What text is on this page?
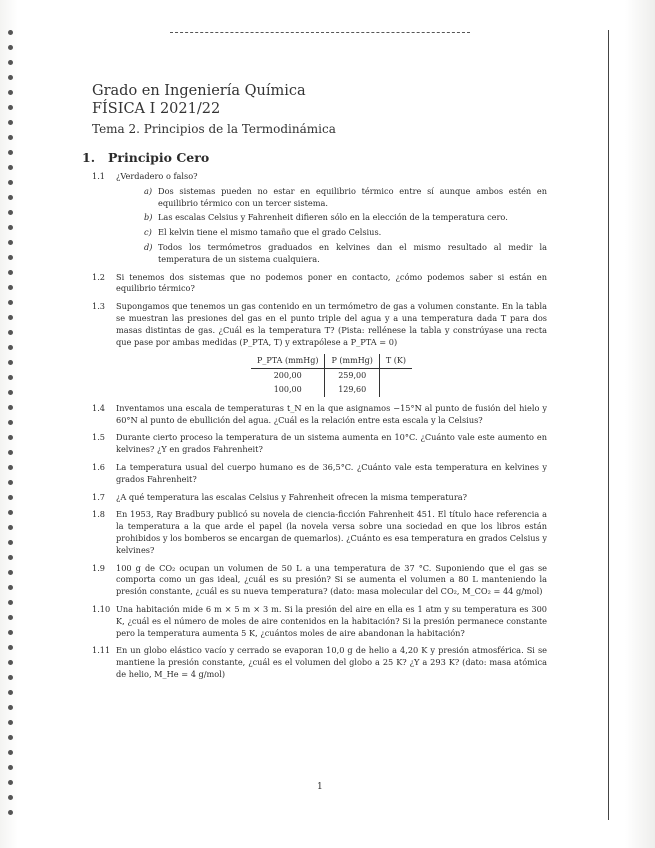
Grado en Ingeniería Química
FÍSICA I 2021/22
Tema 2. Principios de la Termodinámica
1. Principio Cero
1.1	¿Verdadero o falso?
a) Dos sistemas pueden no estar en equilibrio térmico entre sí aunque ambos estén en equilibrio térmico con un tercer sistema.
b) Las escalas Celsius y Fahrenheit difieren sólo en la elección de la temperatura cero.
c) El kelvin tiene el mismo tamaño que el grado Celsius.
d) Todos los termómetros graduados en kelvines dan el mismo resultado al medir la temperatura de un sistema cualquiera.
1.2	Si tenemos dos sistemas que no podemos poner en contacto, ¿cómo podemos saber si están en equilibrio térmico?
1.3	Supongamos que tenemos un gas contenido en un termómetro de gas a volumen constante. En la tabla se muestran las presiones del gas en el punto triple del agua y a una temperatura dada T para dos masas distintas de gas. ¿Cuál es la temperatura T? (Pista: rellénese la tabla y constrúyase una recta que pase por ambas medidas (P_PTA, T) y extrapólese a P_PTA = 0)
P_PTA (mmHg)	P (mmHg)	T (K)
200,00	259,00	
100,00	129,60	
1.4	Inventamos una escala de temperaturas t_N en la que asignamos −15°N al punto de fusión del hielo y 60°N al punto de ebullición del agua. ¿Cuál es la relación entre esta escala y la Celsius?
1.5	Durante cierto proceso la temperatura de un sistema aumenta en 10°C. ¿Cuánto vale este aumento en kelvines? ¿Y en grados Fahrenheit?
1.6	La temperatura usual del cuerpo humano es de 36,5°C. ¿Cuánto vale esta temperatura en kelvines y grados Fahrenheit?
1.7	¿A qué temperatura las escalas Celsius y Fahrenheit ofrecen la misma temperatura?
1.8	En 1953, Ray Bradbury publicó su novela de ciencia-ficción Fahrenheit 451. El título hace referencia a la temperatura a la que arde el papel (la novela versa sobre una sociedad en que los libros están prohibidos y los bomberos se encargan de quemarlos). ¿Cuánto es esa temperatura en grados Celsius y kelvines?
1.9	100 g de CO₂ ocupan un volumen de 50 L a una temperatura de 37 °C. Suponiendo que el gas se comporta como un gas ideal, ¿cuál es su presión? Si se aumenta el volumen a 80 L manteniendo la presión constante, ¿cuál es su nueva temperatura? (dato: masa molecular del CO₂, M_CO₂ = 44 g/mol)
1.10 Una habitación mide 6 m × 5 m × 3 m. Si la presión del aire en ella es 1 atm y su temperatura es 300 K, ¿cuál es el número de moles de aire contenidos en la habitación? Si la presión permanece constante pero la temperatura aumenta 5 K, ¿cuántos moles de aire abandonan la habitación?
1.11 En un globo elástico vacío y cerrado se evaporan 10,0 g de helio a 4,20 K y presión atmosférica. Si se mantiene la presión constante, ¿cuál es el volumen del globo a 25 K? ¿Y a 293 K? (dato: masa atómica de helio, M_He = 4 g/mol)
1
